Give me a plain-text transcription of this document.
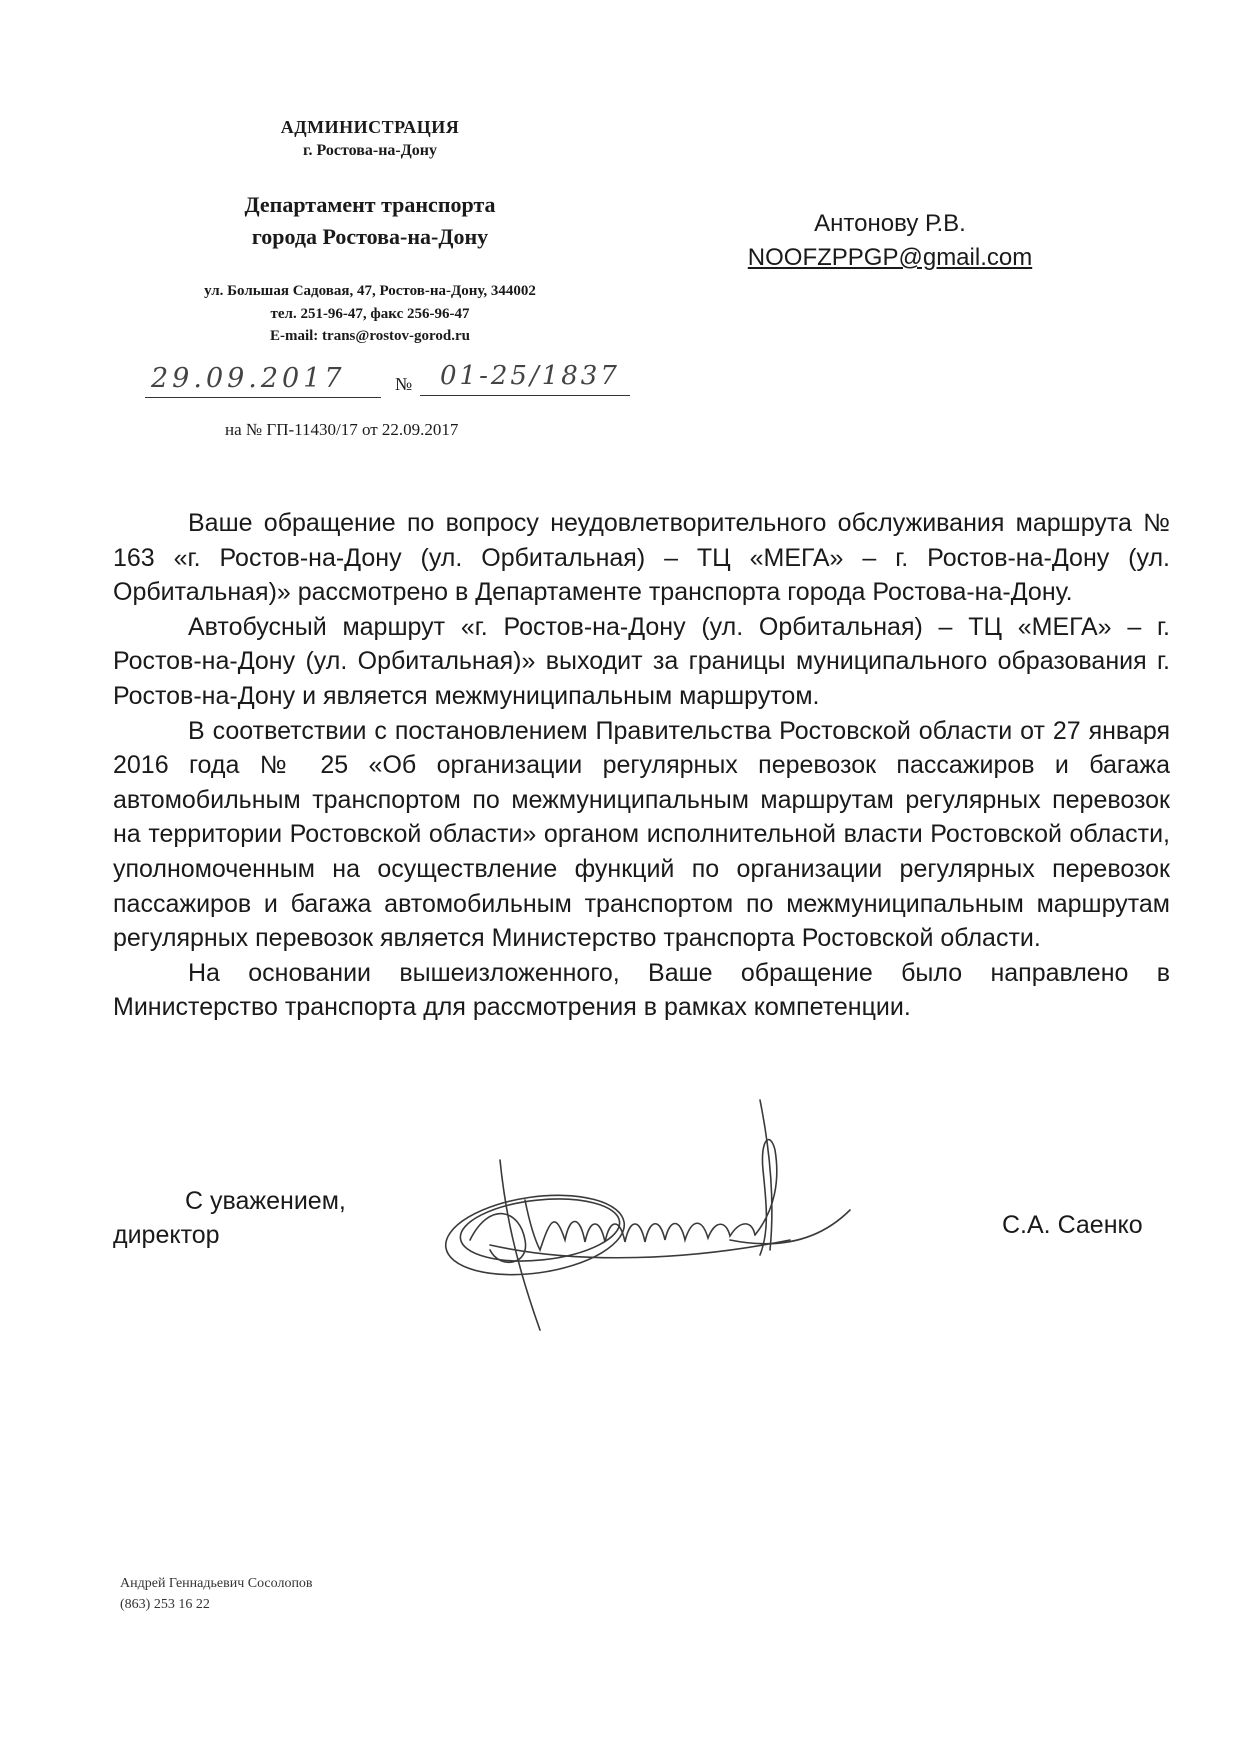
АДМИНИСТРАЦИЯ
г. Ростова-на-Дону
Департамент транспорта
города Ростова-на-Дону
ул. Большая Садовая, 47, Ростов-на-Дону, 344002
тел. 251-96-47, факс 256-96-47
E-mail: trans@rostov-gorod.ru
Антонову Р.В.
NOOFZPPGP@gmail.com
29.09.2017	№	01-25/1837
на № ГП-11430/17 от 22.09.2017

Ваше обращение по вопросу неудовлетворительного обслуживания маршрута № 163 «г. Ростов-на-Дону (ул. Орбитальная) – ТЦ «МЕГА» – г. Ростов-на-Дону (ул. Орбитальная)» рассмотрено в Департаменте транспорта города Ростова-на-Дону.

Автобусный маршрут «г. Ростов-на-Дону (ул. Орбитальная) – ТЦ «МЕГА» – г. Ростов-на-Дону (ул. Орбитальная)» выходит за границы муниципального образования г. Ростов-на-Дону и является межмуниципальным маршрутом.

В соответствии с постановлением Правительства Ростовской области от 27 января 2016 года № 25 «Об организации регулярных перевозок пассажиров и багажа автомобильным транспортом по межмуниципальным маршрутам регулярных перевозок на территории Ростовской области» органом исполнительной власти Ростовской области, уполномоченным на осуществление функций по организации регулярных перевозок пассажиров и багажа автомобильным транспортом по межмуниципальным маршрутам регулярных перевозок является Министерство транспорта Ростовской области.

На основании вышеизложенного, Ваше обращение было направлено в Министерство транспорта для рассмотрения в рамках компетенции.

С уважением,
директор	С.А. Саенко
Андрей Геннадьевич Сосолопов
(863) 253 16 22
